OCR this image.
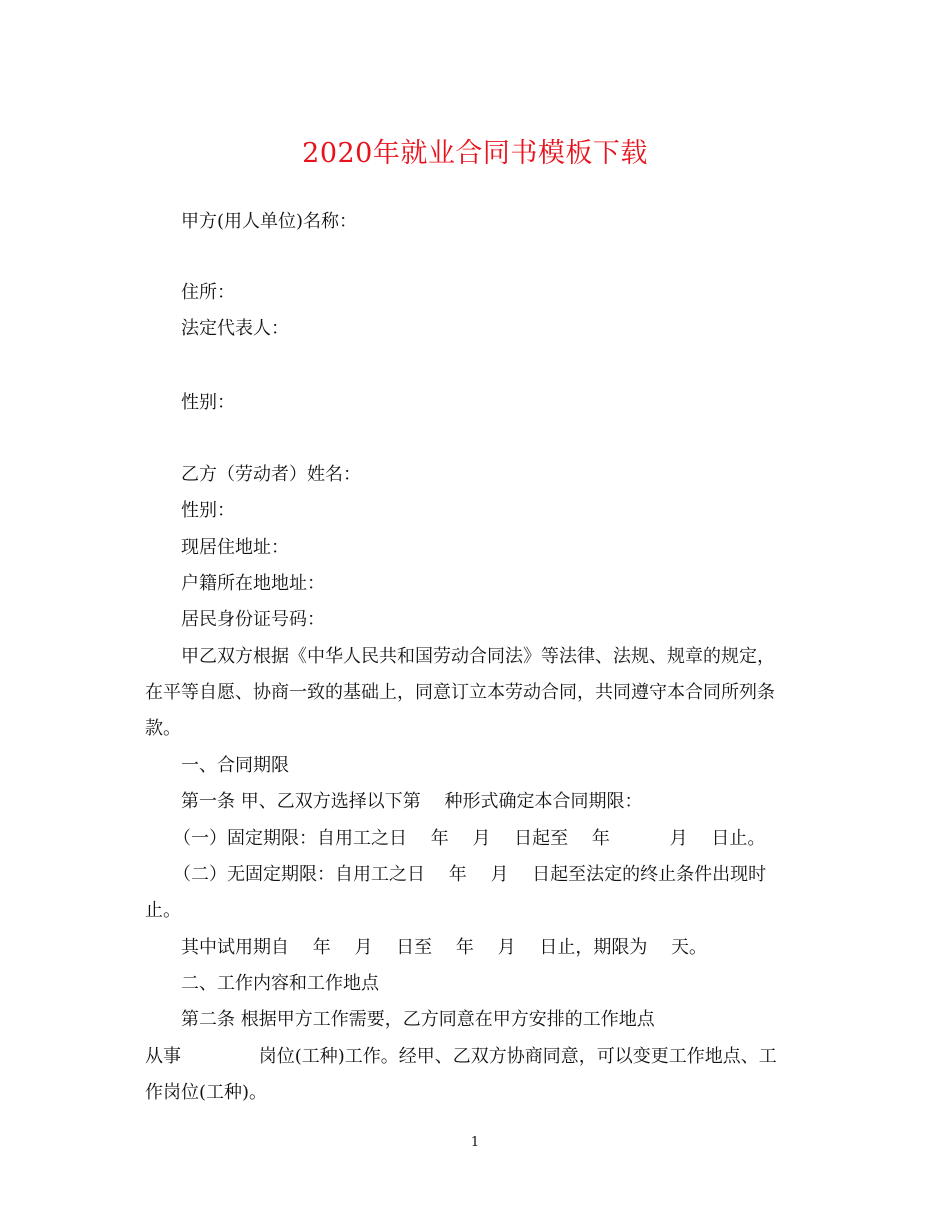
2020年就业合同书模板下载
甲方(用人单位)名称：
住所：
法定代表人：
性别：
乙方（劳动者）姓名：
性别：
现居住地址：
户籍所在地地址：
居民身份证号码：
甲乙双方根据《中华人民共和国劳动合同法》等法律、法规、规章的规定，
在平等自愿、协商一致的基础上，同意订立本劳动合同，共同遵守本合同所列条
款。
一、合同期限
第一条 甲、乙双方选择以下第　 种形式确定本合同期限：
（一）固定期限：自用工之日　 年　 月　 日起至　 年　　　 月　 日止。
（二）无固定期限：自用工之日　 年　 月　 日起至法定的终止条件出现时
止。
其中试用期自　 年　 月　 日至　 年　 月　 日止，期限为　 天。
二、工作内容和工作地点
第二条 根据甲方工作需要，乙方同意在甲方安排的工作地点
从事　　　　 岗位(工种)工作。经甲、乙双方协商同意，可以变更工作地点、工
作岗位(工种)。
1
